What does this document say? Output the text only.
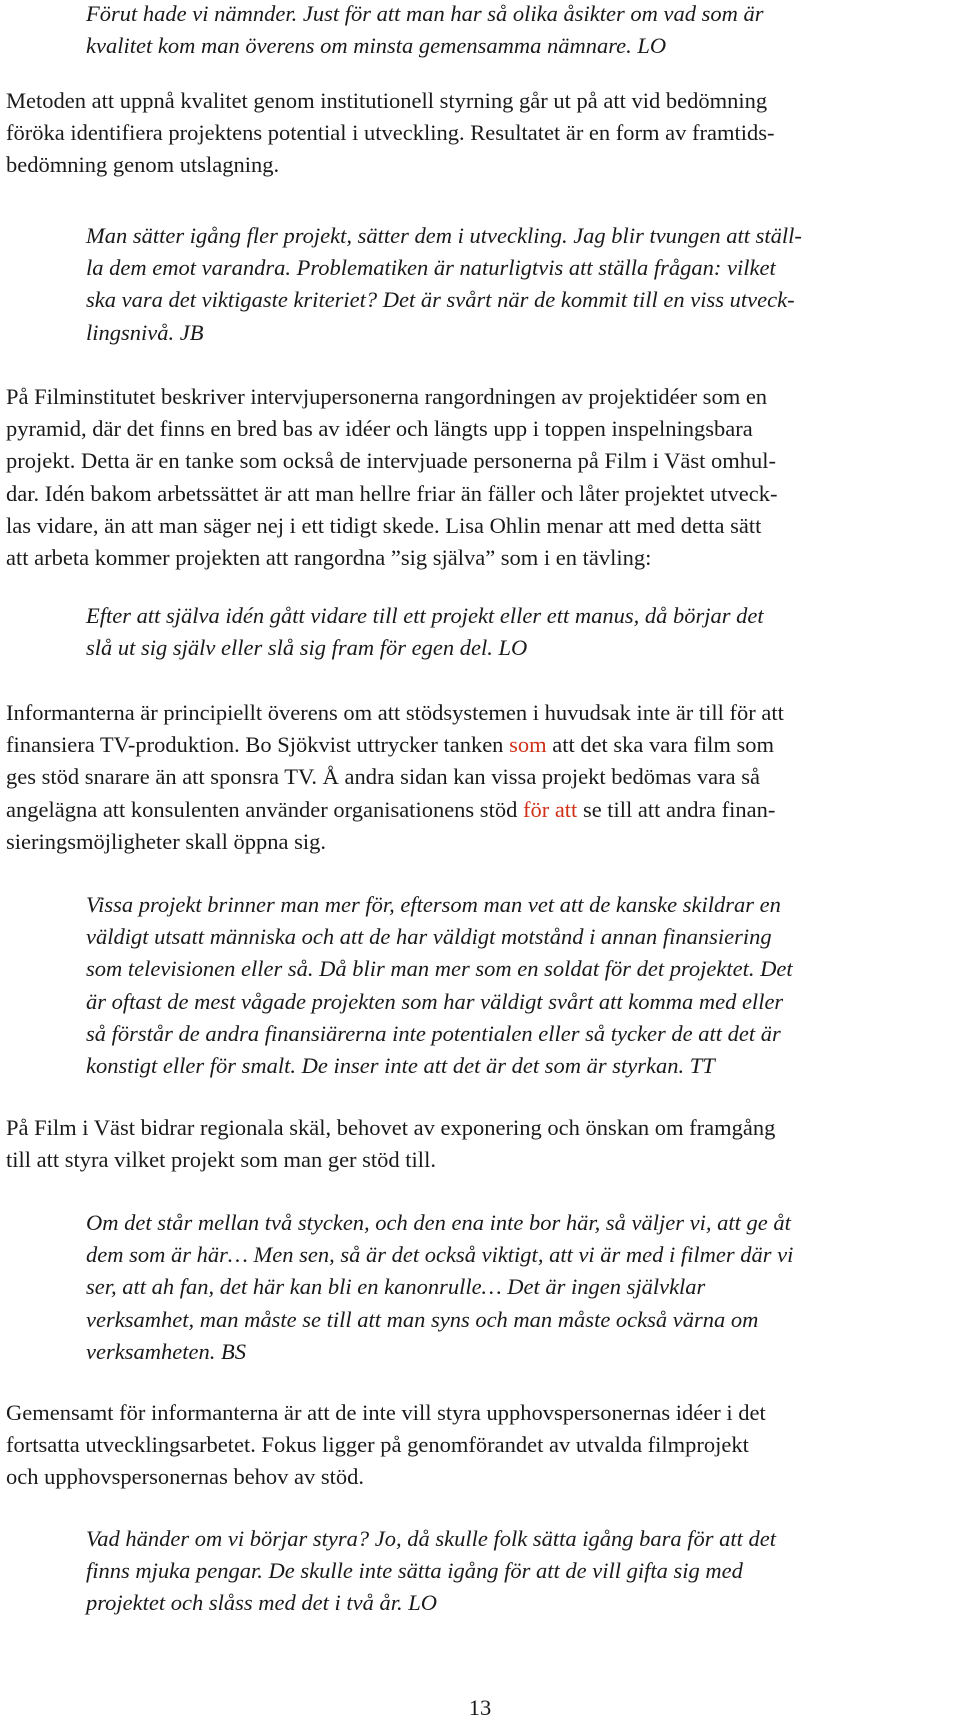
Förut hade vi nämnder. Just för att man har så olika åsikter om vad som är
kvalitet kom man överens om minsta gemensamma nämnare. LO

Metoden att uppnå kvalitet genom institutionell styrning går ut på att vid bedömning
föröka identifiera projektens potential i utveckling. Resultatet är en form av framtids-
bedömning genom utslagning.

Man sätter igång fler projekt, sätter dem i utveckling. Jag blir tvungen att ställ-
la dem emot varandra. Problematiken är naturligtvis att ställa frågan: vilket
ska vara det viktigaste kriteriet? Det är svårt när de kommit till en viss utveck-
lingsnivå. JB

På Filminstitutet beskriver intervjupersonerna rangordningen av projektidéer som en
pyramid, där det finns en bred bas av idéer och längts upp i toppen inspelningsbara
projekt. Detta är en tanke som också de intervjuade personerna på Film i Väst omhul-
dar. Idén bakom arbetssättet är att man hellre friar än fäller och låter projektet utveck-
las vidare, än att man säger nej i ett tidigt skede. Lisa Ohlin menar att med detta sätt
att arbeta kommer projekten att rangordna ”sig själva” som i en tävling:

Efter att själva idén gått vidare till ett projekt eller ett manus, då börjar det
slå ut sig själv eller slå sig fram för egen del. LO

Informanterna är principiellt överens om att stödsystemen i huvudsak inte är till för att
finansiera TV-produktion. Bo Sjökvist uttrycker tanken som att det ska vara film som
ges stöd snarare än att sponsra TV. Å andra sidan kan vissa projekt bedömas vara så
angelägna att konsulenten använder organisationens stöd för att se till att andra finan-
sieringsmöjligheter skall öppna sig.

Vissa projekt brinner man mer för, eftersom man vet att de kanske skildrar en
väldigt utsatt människa och att de har väldigt motstånd i annan finansiering
som televisionen eller så. Då blir man mer som en soldat för det projektet. Det
är oftast de mest vågade projekten som har väldigt svårt att komma med eller
så förstår de andra finansiärerna inte potentialen eller så tycker de att det är
konstigt eller för smalt. De inser inte att det är det som är styrkan. TT

På Film i Väst bidrar regionala skäl, behovet av exponering och önskan om framgång
till att styra vilket projekt som man ger stöd till.

Om det står mellan två stycken, och den ena inte bor här, så väljer vi, att ge åt
dem som är här… Men sen, så är det också viktigt, att vi är med i filmer där vi
ser, att ah fan, det här kan bli en kanonrulle… Det är ingen självklar
verksamhet, man måste se till att man syns och man måste också värna om
verksamheten. BS

Gemensamt för informanterna är att de inte vill styra upphovspersonernas idéer i det
fortsatta utvecklingsarbetet. Fokus ligger på genomförandet av utvalda filmprojekt
och upphovspersonernas behov av stöd.

Vad händer om vi börjar styra? Jo, då skulle folk sätta igång bara för att det
finns mjuka pengar. De skulle inte sätta igång för att de vill gifta sig med
projektet och slåss med det i två år. LO

13
